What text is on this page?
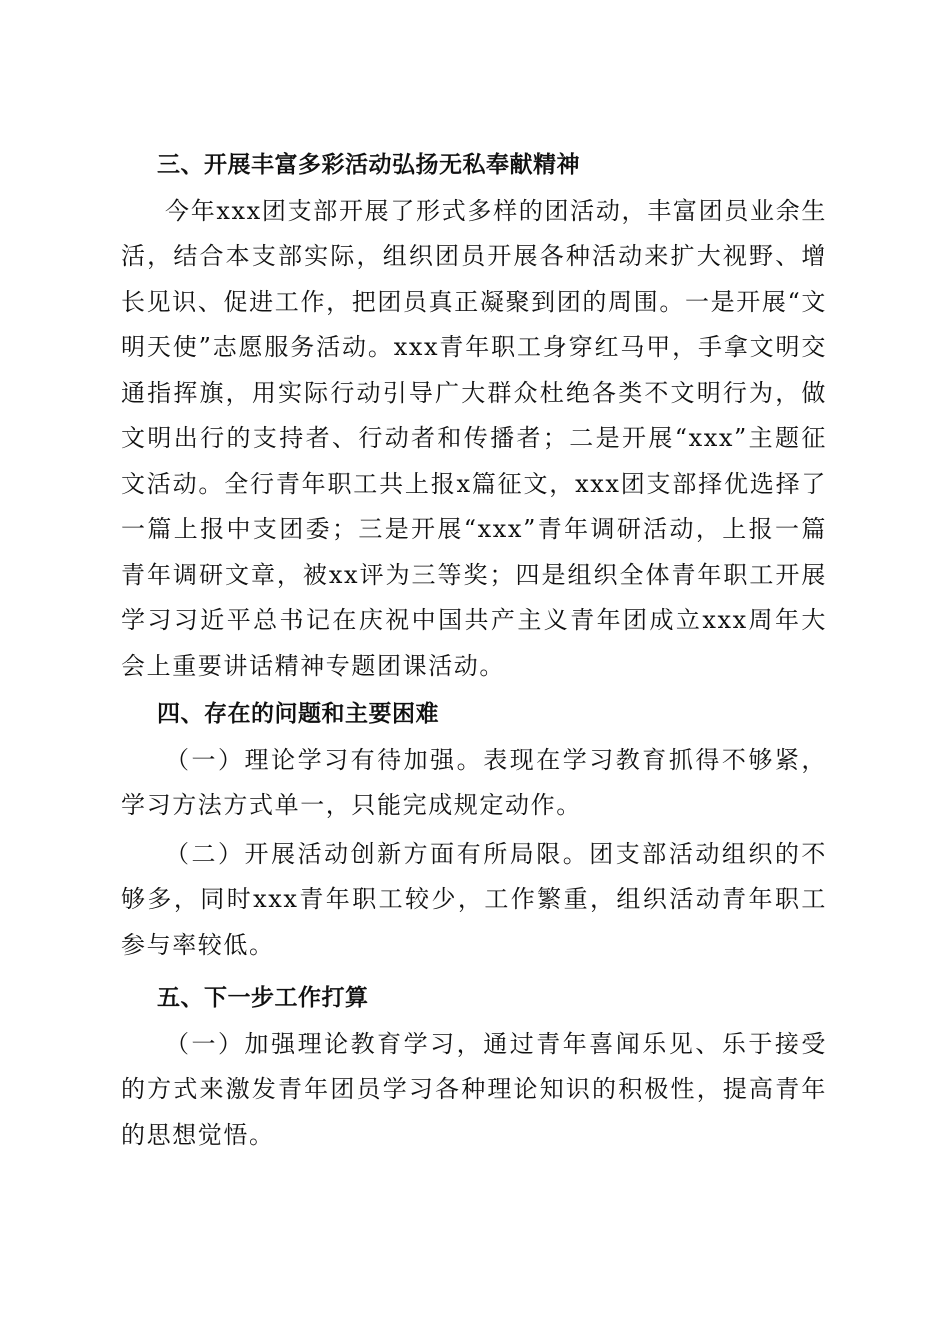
三、开展丰富多彩活动弘扬无私奉献精神

今年xxx团支部开展了形式多样的团活动，丰富团员业余生活，结合本支部实际，组织团员开展各种活动来扩大视野、增长见识、促进工作，把团员真正凝聚到团的周围。一是开展“文明天使”志愿服务活动。xxx青年职工身穿红马甲，手拿文明交通指挥旗，用实际行动引导广大群众杜绝各类不文明行为，做文明出行的支持者、行动者和传播者；二是开展“xxx”主题征文活动。全行青年职工共上报x篇征文，xxx团支部择优选择了一篇上报中支团委；三是开展“xxx”青年调研活动，上报一篇青年调研文章，被xx评为三等奖；四是组织全体青年职工开展学习习近平总书记在庆祝中国共产主义青年团成立xxx周年大会上重要讲话精神专题团课活动。

四、存在的问题和主要困难

（一）理论学习有待加强。表现在学习教育抓得不够紧，学习方法方式单一，只能完成规定动作。

（二）开展活动创新方面有所局限。团支部活动组织的不够多，同时xxx青年职工较少，工作繁重，组织活动青年职工参与率较低。

五、下一步工作打算

（一）加强理论教育学习，通过青年喜闻乐见、乐于接受的方式来激发青年团员学习各种理论知识的积极性，提高青年的思想觉悟。
